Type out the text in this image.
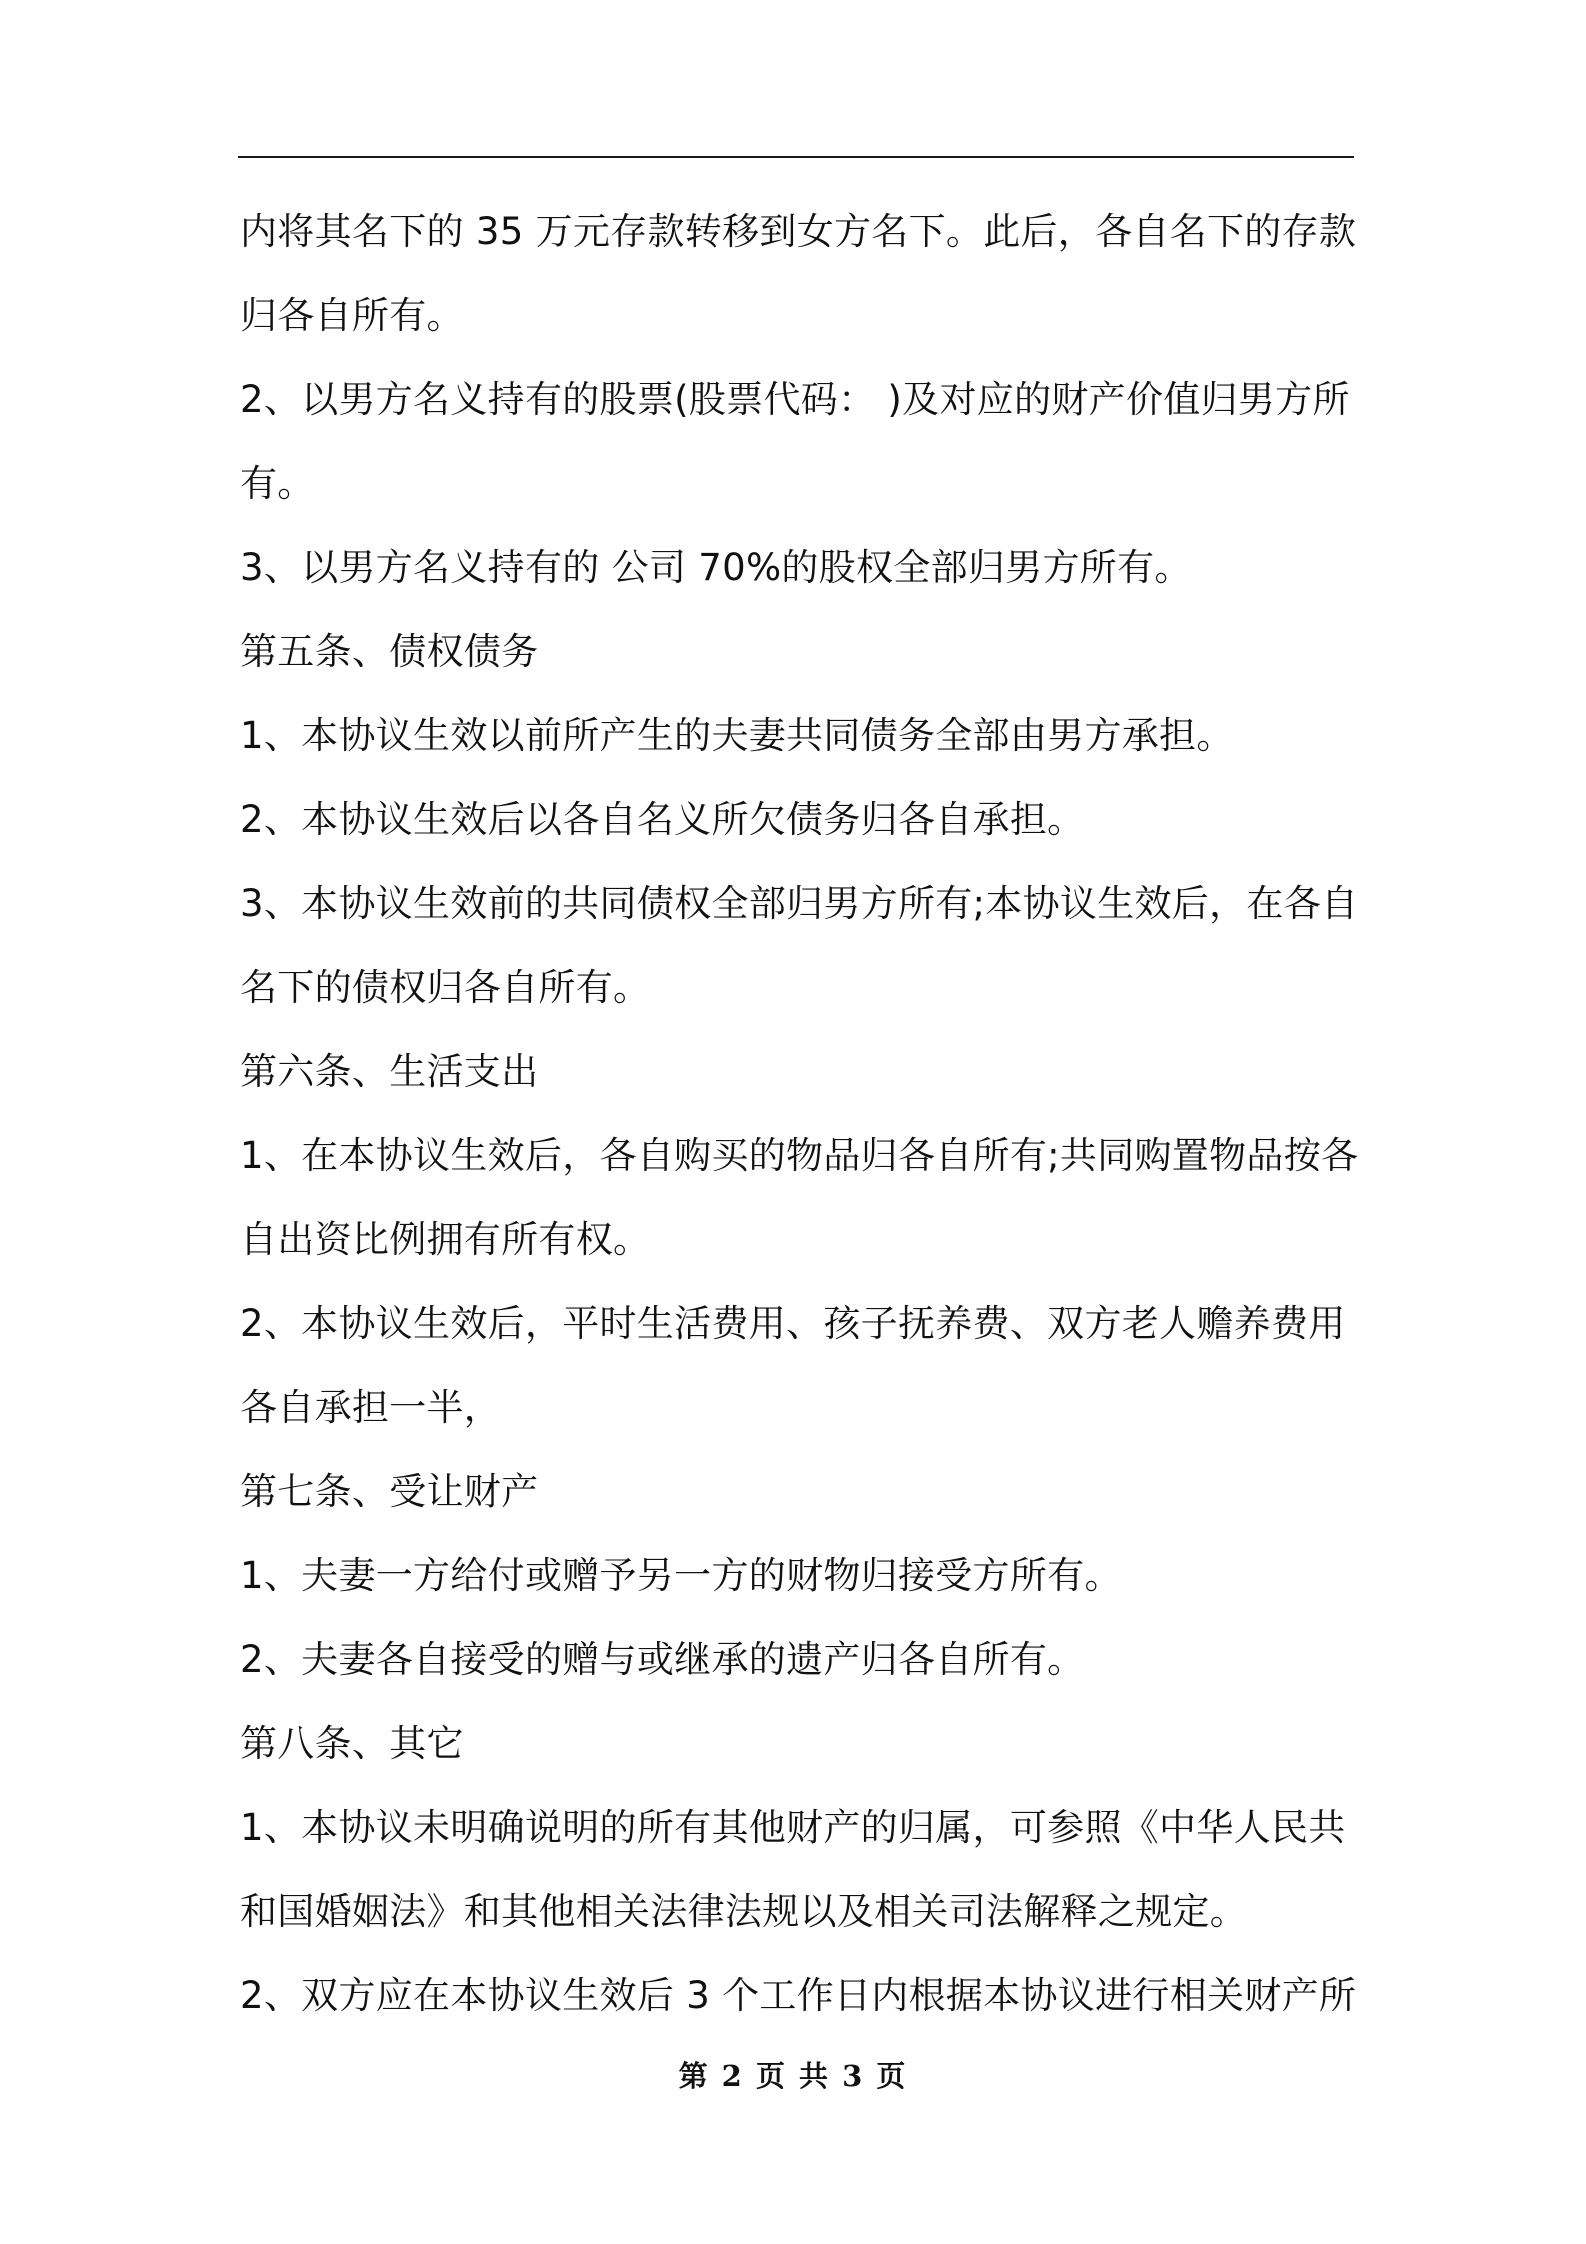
内将其名下的 35 万元存款转移到女方名下。此后，各自名下的存款
归各自所有。
2、以男方名义持有的股票(股票代码： )及对应的财产价值归男方所
有。
3、以男方名义持有的 公司 70%的股权全部归男方所有。
第五条、债权债务
1、本协议生效以前所产生的夫妻共同债务全部由男方承担。
2、本协议生效后以各自名义所欠债务归各自承担。
3、本协议生效前的共同债权全部归男方所有;本协议生效后，在各自
名下的债权归各自所有。
第六条、生活支出
1、在本协议生效后，各自购买的物品归各自所有;共同购置物品按各
自出资比例拥有所有权。
2、本协议生效后，平时生活费用、孩子抚养费、双方老人赡养费用
各自承担一半，
第七条、受让财产
1、夫妻一方给付或赠予另一方的财物归接受方所有。
2、夫妻各自接受的赠与或继承的遗产归各自所有。
第八条、其它
1、本协议未明确说明的所有其他财产的归属，可参照《中华人民共
和国婚姻法》和其他相关法律法规以及相关司法解释之规定。
2、双方应在本协议生效后 3 个工作日内根据本协议进行相关财产所
第 2 页 共 3 页
